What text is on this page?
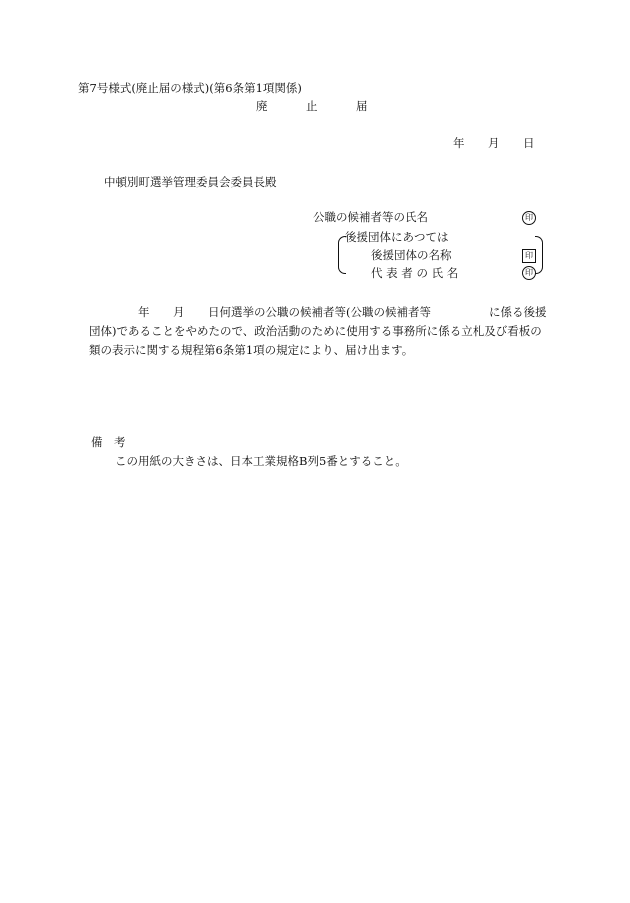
第7号様式(廃止届の様式)(第6条第1項関係)
廃	止	届
年 月 日
中頓別町選挙管理委員会委員長殿
公職の候補者等の氏名	印
後援団体にあつては
後援団体の名称	印
代 表 者 の 氏 名	印
年 月 日何選挙の公職の候補者等(公職の候補者等	に係る後援
団体)であることをやめたので、政治活動のために使用する事務所に係る立札及び看板の
類の表示に関する規程第6条第1項の規定により、届け出ます。
備　考
この用紙の大きさは、日本工業規格B列5番とすること。
